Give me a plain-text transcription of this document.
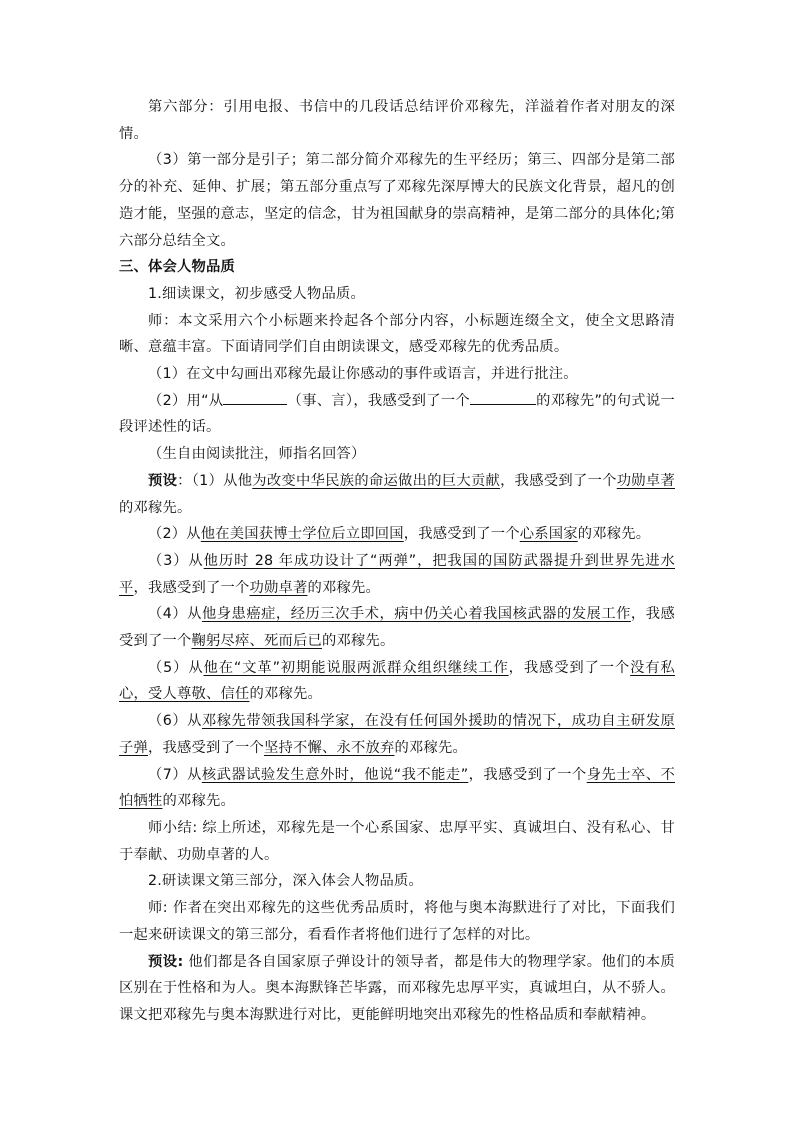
第六部分：引用电报、书信中的几段话总结评价邓稼先，洋溢着作者对朋友的深情。

（3）第一部分是引子；第二部分简介邓稼先的生平经历；第三、四部分是第二部分的补充、延伸、扩展；第五部分重点写了邓稼先深厚博大的民族文化背景，超凡的创造才能，坚强的意志，坚定的信念，甘为祖国献身的崇高精神，是第二部分的具体化;第六部分总结全文。

三、体会人物品质

1.细读课文，初步感受人物品质。

师：本文采用六个小标题来拎起各个部分内容，小标题连缀全文，使全文思路清晰、意蕴丰富。下面请同学们自由朗读课文，感受邓稼先的优秀品质。

（1）在文中勾画出邓稼先最让你感动的事件或语言，并进行批注。

（2）用“从	（事、言），我感受到了一个	的邓稼先”的句式说一段评述性的话。

（生自由阅读批注，师指名回答）

预设：（1）从他为改变中华民族的命运做出的巨大贡献，我感受到了一个功勋卓著的邓稼先。

（2）从他在美国获博士学位后立即回国，我感受到了一个心系国家的邓稼先。

（3）从他历时 28 年成功设计了“两弹”，把我国的国防武器提升到世界先进水平，我感受到了一个功勋卓著的邓稼先。

（4）从他身患癌症，经历三次手术，病中仍关心着我国核武器的发展工作，我感受到了一个鞠躬尽瘁、死而后已的邓稼先。

（5）从他在“文革”初期能说服两派群众组织继续工作，我感受到了一个没有私心，受人尊敬、信任的邓稼先。

（6）从邓稼先带领我国科学家，在没有任何国外援助的情况下，成功自主研发原子弹，我感受到了一个坚持不懈、永不放弃的邓稼先。

（7）从核武器试验发生意外时，他说“我不能走”，我感受到了一个身先士卒、不怕牺牲的邓稼先。

师小结: 综上所述，邓稼先是一个心系国家、忠厚平实、真诚坦白、没有私心、甘于奉献、功勋卓著的人。

2.研读课文第三部分，深入体会人物品质。

师: 作者在突出邓稼先的这些优秀品质时，将他与奥本海默进行了对比，下面我们一起来研读课文的第三部分，看看作者将他们进行了怎样的对比。

预设: 他们都是各自国家原子弹设计的领导者，都是伟大的物理学家。他们的本质区别在于性格和为人。奥本海默锋芒毕露，而邓稼先忠厚平实，真诚坦白，从不骄人。课文把邓稼先与奥本海默进行对比，更能鲜明地突出邓稼先的性格品质和奉献精神。
